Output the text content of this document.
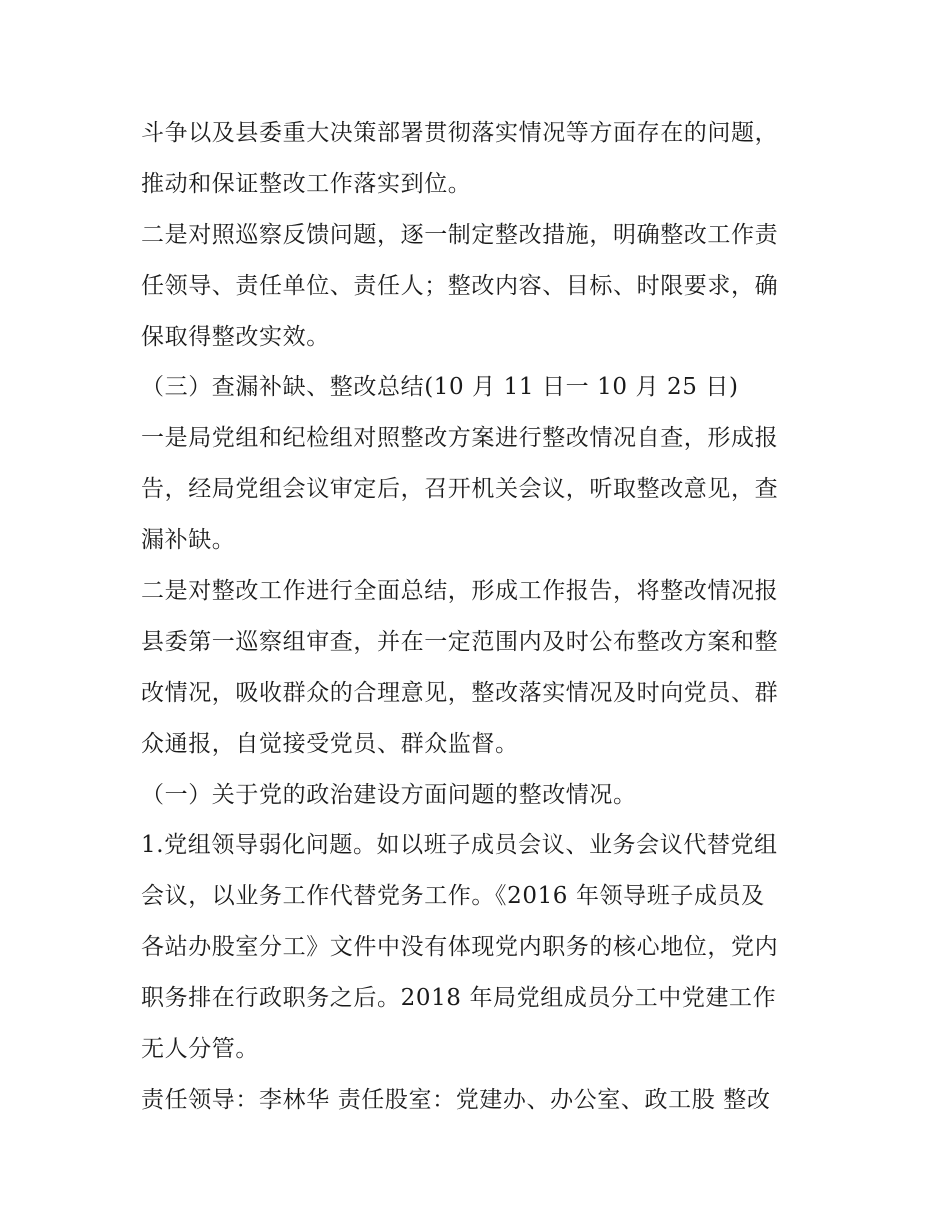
斗争以及县委重大决策部署贯彻落实情况等方面存在的问题，
推动和保证整改工作落实到位。
二是对照巡察反馈问题，逐一制定整改措施，明确整改工作责
任领导、责任单位、责任人；整改内容、目标、时限要求，确
保取得整改实效。
（三）查漏补缺、整改总结(10 月 11 日一 10 月 25 日)
一是局党组和纪检组对照整改方案进行整改情况自查，形成报
告，经局党组会议审定后，召开机关会议，听取整改意见，查
漏补缺。
二是对整改工作进行全面总结，形成工作报告，将整改情况报
县委第一巡察组审查，并在一定范围内及时公布整改方案和整
改情况，吸收群众的合理意见，整改落实情况及时向党员、群
众通报，自觉接受党员、群众监督。
（一）关于党的政治建设方面问题的整改情况。
1.党组领导弱化问题。如以班子成员会议、业务会议代替党组
会议，以业务工作代替党务工作。《2016 年领导班子成员及
各站办股室分工》文件中没有体现党内职务的核心地位，党内
职务排在行政职务之后。2018 年局党组成员分工中党建工作
无人分管。
责任领导：李林华 责任股室：党建办、办公室、政工股 整改
